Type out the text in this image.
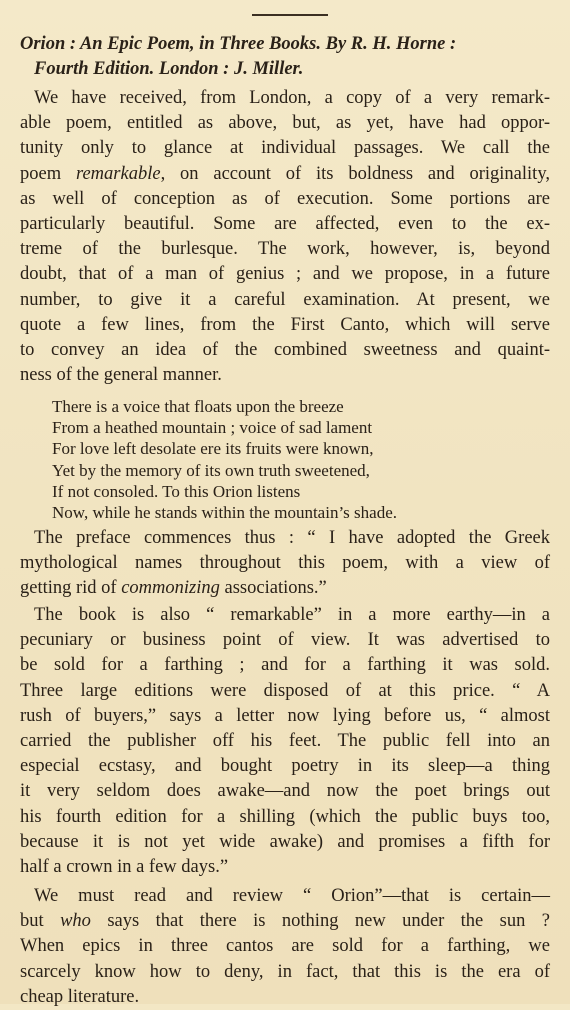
Orion : An Epic Poem, in Three Books. By R. H. Horne :
Fourth Edition. London : J. Miller.

We have received, from London, a copy of a very remark-
able poem, entitled as above, but, as yet, have had oppor-
tunity only to glance at individual passages. We call the
poem remarkable, on account of its boldness and originality,
as well of conception as of execution. Some portions are
particularly beautiful. Some are affected, even to the ex-
treme of the burlesque. The work, however, is, beyond
doubt, that of a man of genius ; and we propose, in a future
number, to give it a careful examination. At present, we
quote a few lines, from the First Canto, which will serve
to convey an idea of the combined sweetness and quaint-
ness of the general manner.

There is a voice that floats upon the breeze
From a heathed mountain ; voice of sad lament
For love left desolate ere its fruits were known,
Yet by the memory of its own truth sweetened,
If not consoled. To this Orion listens
Now, while he stands within the mountain’s shade.

The preface commences thus : “ I have adopted the Greek
mythological names throughout this poem, with a view of
getting rid of commonizing associations.”

The book is also “ remarkable” in a more earthy—in a
pecuniary or business point of view. It was advertised to
be sold for a farthing ; and for a farthing it was sold.
Three large editions were disposed of at this price. “ A
rush of buyers,” says a letter now lying before us, “ almost
carried the publisher off his feet. The public fell into an
especial ecstasy, and bought poetry in its sleep—a thing
it very seldom does awake—and now the poet brings out
his fourth edition for a shilling (which the public buys too,
because it is not yet wide awake) and promises a fifth for
half a crown in a few days.”

We must read and review “ Orion”—that is certain—
but who says that there is nothing new under the sun ?
When epics in three cantos are sold for a farthing, we
scarcely know how to deny, in fact, that this is the era of
cheap literature.
